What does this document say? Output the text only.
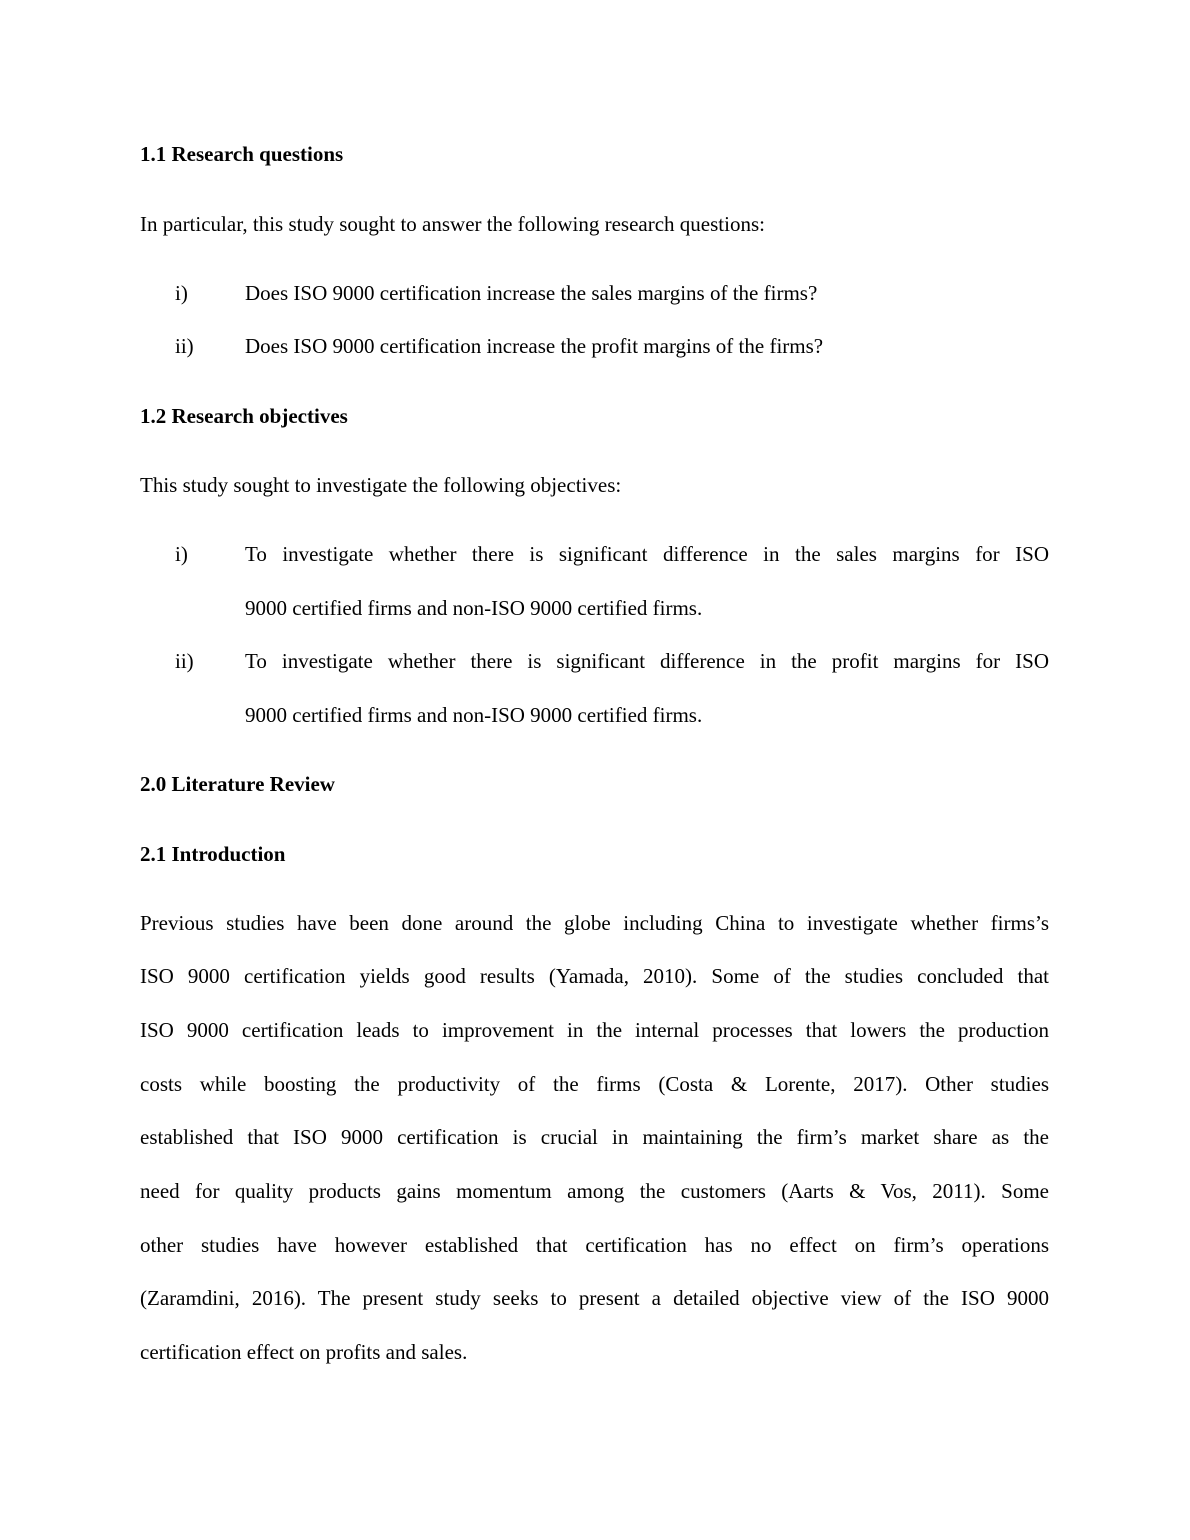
1.1 Research questions

In particular, this study sought to answer the following research questions:

i)	Does ISO 9000 certification increase the sales margins of the firms?
ii) Does ISO 9000 certification increase the profit margins of the firms?
1.2 Research objectives

This study sought to investigate the following objectives:

i)	To investigate whether there is significant difference in the sales margins for ISO
9000 certified firms and non-ISO 9000 certified firms.
ii) To investigate whether there is significant difference in the profit margins for ISO
9000 certified firms and non-ISO 9000 certified firms.
2.0 Literature Review
2.1 Introduction
Previous studies have been done around the globe including China to investigate whether firms’s
ISO 9000 certification yields good results (Yamada, 2010). Some of the studies concluded that
ISO 9000 certification leads to improvement in the internal processes that lowers the production
costs while boosting the productivity of the firms (Costa & Lorente, 2017). Other studies
established that ISO 9000 certification is crucial in maintaining the firm’s market share as the
need for quality products gains momentum among the customers (Aarts & Vos, 2011). Some
other studies have however established that certification has no effect on firm’s operations
(Zaramdini, 2016). The present study seeks to present a detailed objective view of the ISO 9000
certification effect on profits and sales.
